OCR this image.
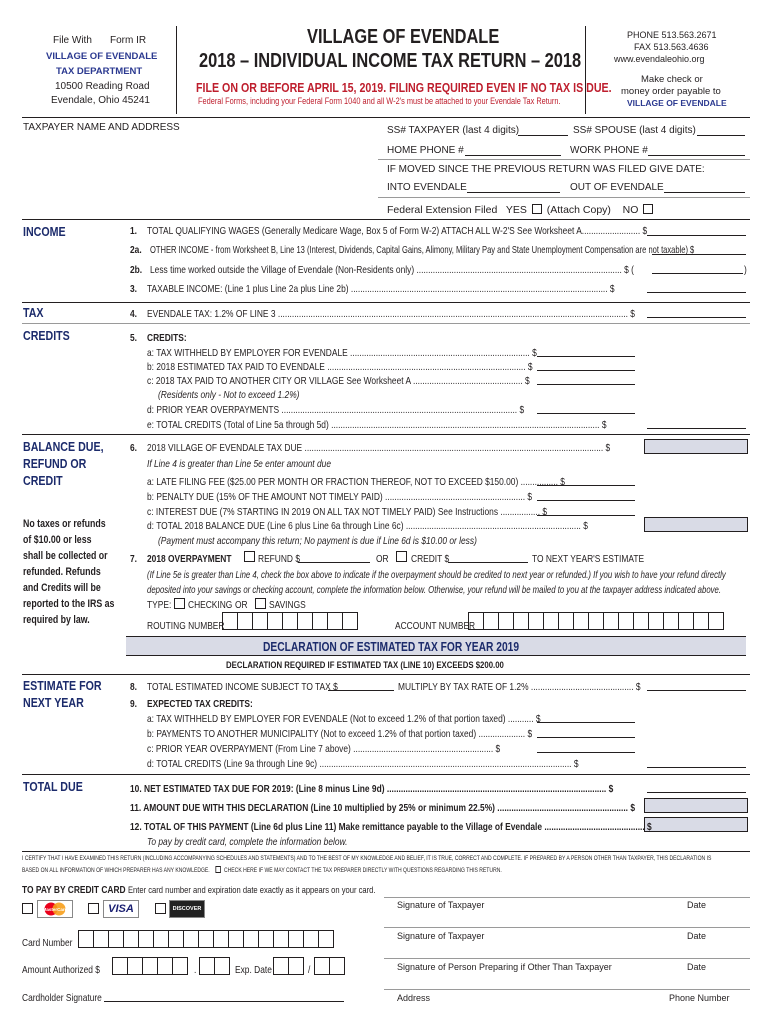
File With Form IR
VILLAGE OF EVENDALE
TAX DEPARTMENT
10500 Reading Road
Evendale, Ohio 45241
VILLAGE OF EVENDALE
2018 – INDIVIDUAL INCOME TAX RETURN – 2018
FILE ON OR BEFORE APRIL 15, 2019. FILING REQUIRED EVEN IF NO TAX IS DUE.
Federal Forms, including your Federal Form 1040 and all W-2's must be attached to your Evendale Tax Return.
PHONE 513.563.2671
FAX 513.563.4636
www.evendaleohio.org
Make check or
money order payable to
VILLAGE OF EVENDALE
TAXPAYER NAME AND ADDRESS	SS# TAXPAYER (last 4 digits)	SS# SPOUSE (last 4 digits)
HOME PHONE #	WORK PHONE #
IF MOVED SINCE THE PREVIOUS RETURN WAS FILED GIVE DATE:
INTO EVENDALE	OUT OF EVENDALE
Federal Extension Filed YES (Attach Copy) NO
INCOME	1. TOTAL QUALIFYING WAGES (Generally Medicare Wage, Box 5 of Form W-2) ATTACH ALL W-2'S See Worksheet A......................... $
2a. OTHER INCOME - from Worksheet B, Line 13 (Interest, Dividends, Capital Gains, Alimony, Military Pay and State Unemployment Compensation are not taxable) $
2b. Less time worked outside the Village of Evendale (Non-Residents only) ........................................................................................ $ (	)
3. TAXABLE INCOME: (Line 1 plus Line 2a plus Line 2b) .............................................................................................................. $
TAX	4. EVENDALE TAX: 1.2% OF LINE 3 ...................................................................................................................................................... $
CREDITS	5. CREDITS:
a: TAX WITHHELD BY EMPLOYER FOR EVENDALE ............................................................................. $
b: 2018 ESTIMATED TAX PAID TO EVENDALE ..................................................................................... $
c: 2018 TAX PAID TO ANOTHER CITY OR VILLAGE See Worksheet A ............................................... $
(Residents only - Not to exceed 1.2%)
d: PRIOR YEAR OVERPAYMENTS ..................................................................................................... $
e: TOTAL CREDITS (Total of Line 5a through 5d) ................................................................................................................... $
BALANCE DUE,
REFUND OR
CREDIT
No taxes or refunds
of $10.00 or less
shall be collected or
refunded. Refunds
and Credits will be
reported to the IRS as
required by law.
6. 2018 VILLAGE OF EVENDALE TAX DUE ................................................................................................................................ $
If Line 4 is greater than Line 5e enter amount due
a: LATE FILING FEE ($25.00 PER MONTH OR FRACTION THEREOF, NOT TO EXCEED $150.00) ................ $
b: PENALTY DUE (15% OF THE AMOUNT NOT TIMELY PAID) ............................................................ $
c: INTEREST DUE (7% STARTING IN 2019 ON ALL TAX NOT TIMELY PAID) See Instructions ................. $
d: TOTAL 2018 BALANCE DUE (Line 6 plus Line 6a through Line 6c) ........................................................................... $
(Payment must accompany this return; No payment is due if Line 6d is $10.00 or less)
7. 2018 OVERPAYMENT	REFUND $	OR CREDIT $	TO NEXT YEAR'S ESTIMATE
(If Line 5e is greater than Line 4, check the box above to indicate if the overpayment should be credited to next year or refunded.) If you wish to have your refund directly
deposited into your savings or checking account, complete the information below. Otherwise, your refund will be mailed to you at the taxpayer address indicated above.
TYPE: CHECKING OR SAVINGS
ROUTING NUMBER	ACCOUNT NUMBER
DECLARATION OF ESTIMATED TAX FOR YEAR 2019
DECLARATION REQUIRED IF ESTIMATED TAX (LINE 10) EXCEEDS $200.00
ESTIMATE FOR
NEXT YEAR
8. TOTAL ESTIMATED INCOME SUBJECT TO TAX $	MULTIPLY BY TAX RATE OF 1.2% ............................................ $
9. EXPECTED TAX CREDITS:
a: TAX WITHHELD BY EMPLOYER FOR EVENDALE (Not to exceed 1.2% of that portion taxed) ........... $
b: PAYMENTS TO ANOTHER MUNICIPALITY (Not to exceed 1.2% of that portion taxed) .................... $
c: PRIOR YEAR OVERPAYMENT (From Line 7 above) ............................................................ $
d: TOTAL CREDITS (Line 9a through Line 9c) ............................................................................................................ $
TOTAL DUE	10. NET ESTIMATED TAX DUE FOR 2019: (Line 8 minus Line 9d) .............................................................................................. $
11. AMOUNT DUE WITH THIS DECLARATION (Line 10 multiplied by 25% or minimum 22.5%) ........................................................ $
12. TOTAL OF THIS PAYMENT (Line 6d plus Line 11) Make remittance payable to the Village of Evendale ........................................... $
To pay by credit card, complete the information below.
I CERTIFY THAT I HAVE EXAMINED THIS RETURN (INCLUDING ACCOMPANYING SCHEDULES AND STATEMENTS) AND TO THE BEST OF MY KNOWLEDGE AND BELIEF, IT IS TRUE, CORRECT AND COMPLETE. IF PREPARED BY A PERSON OTHER THAN TAXPAYER, THIS DECLARATION IS
BASED ON ALL INFORMATION OF WHICH PREPARER HAS ANY KNOWLEDGE. CHECK HERE IF WE MAY CONTACT THE TAX PREPARER DIRECTLY WITH QUESTIONS REGARDING THIS RETURN.
TO PAY BY CREDIT CARD Enter card number and expiration date exactly as it appears on your card.
MasterCard	VISA	DISCOVER
Card Number
Amount Authorized $	.	Exp. Date	/
Cardholder Signature
Signature of Taxpayer	Date
Signature of Taxpayer	Date
Signature of Person Preparing if Other Than Taxpayer	Date
Address	Phone Number
